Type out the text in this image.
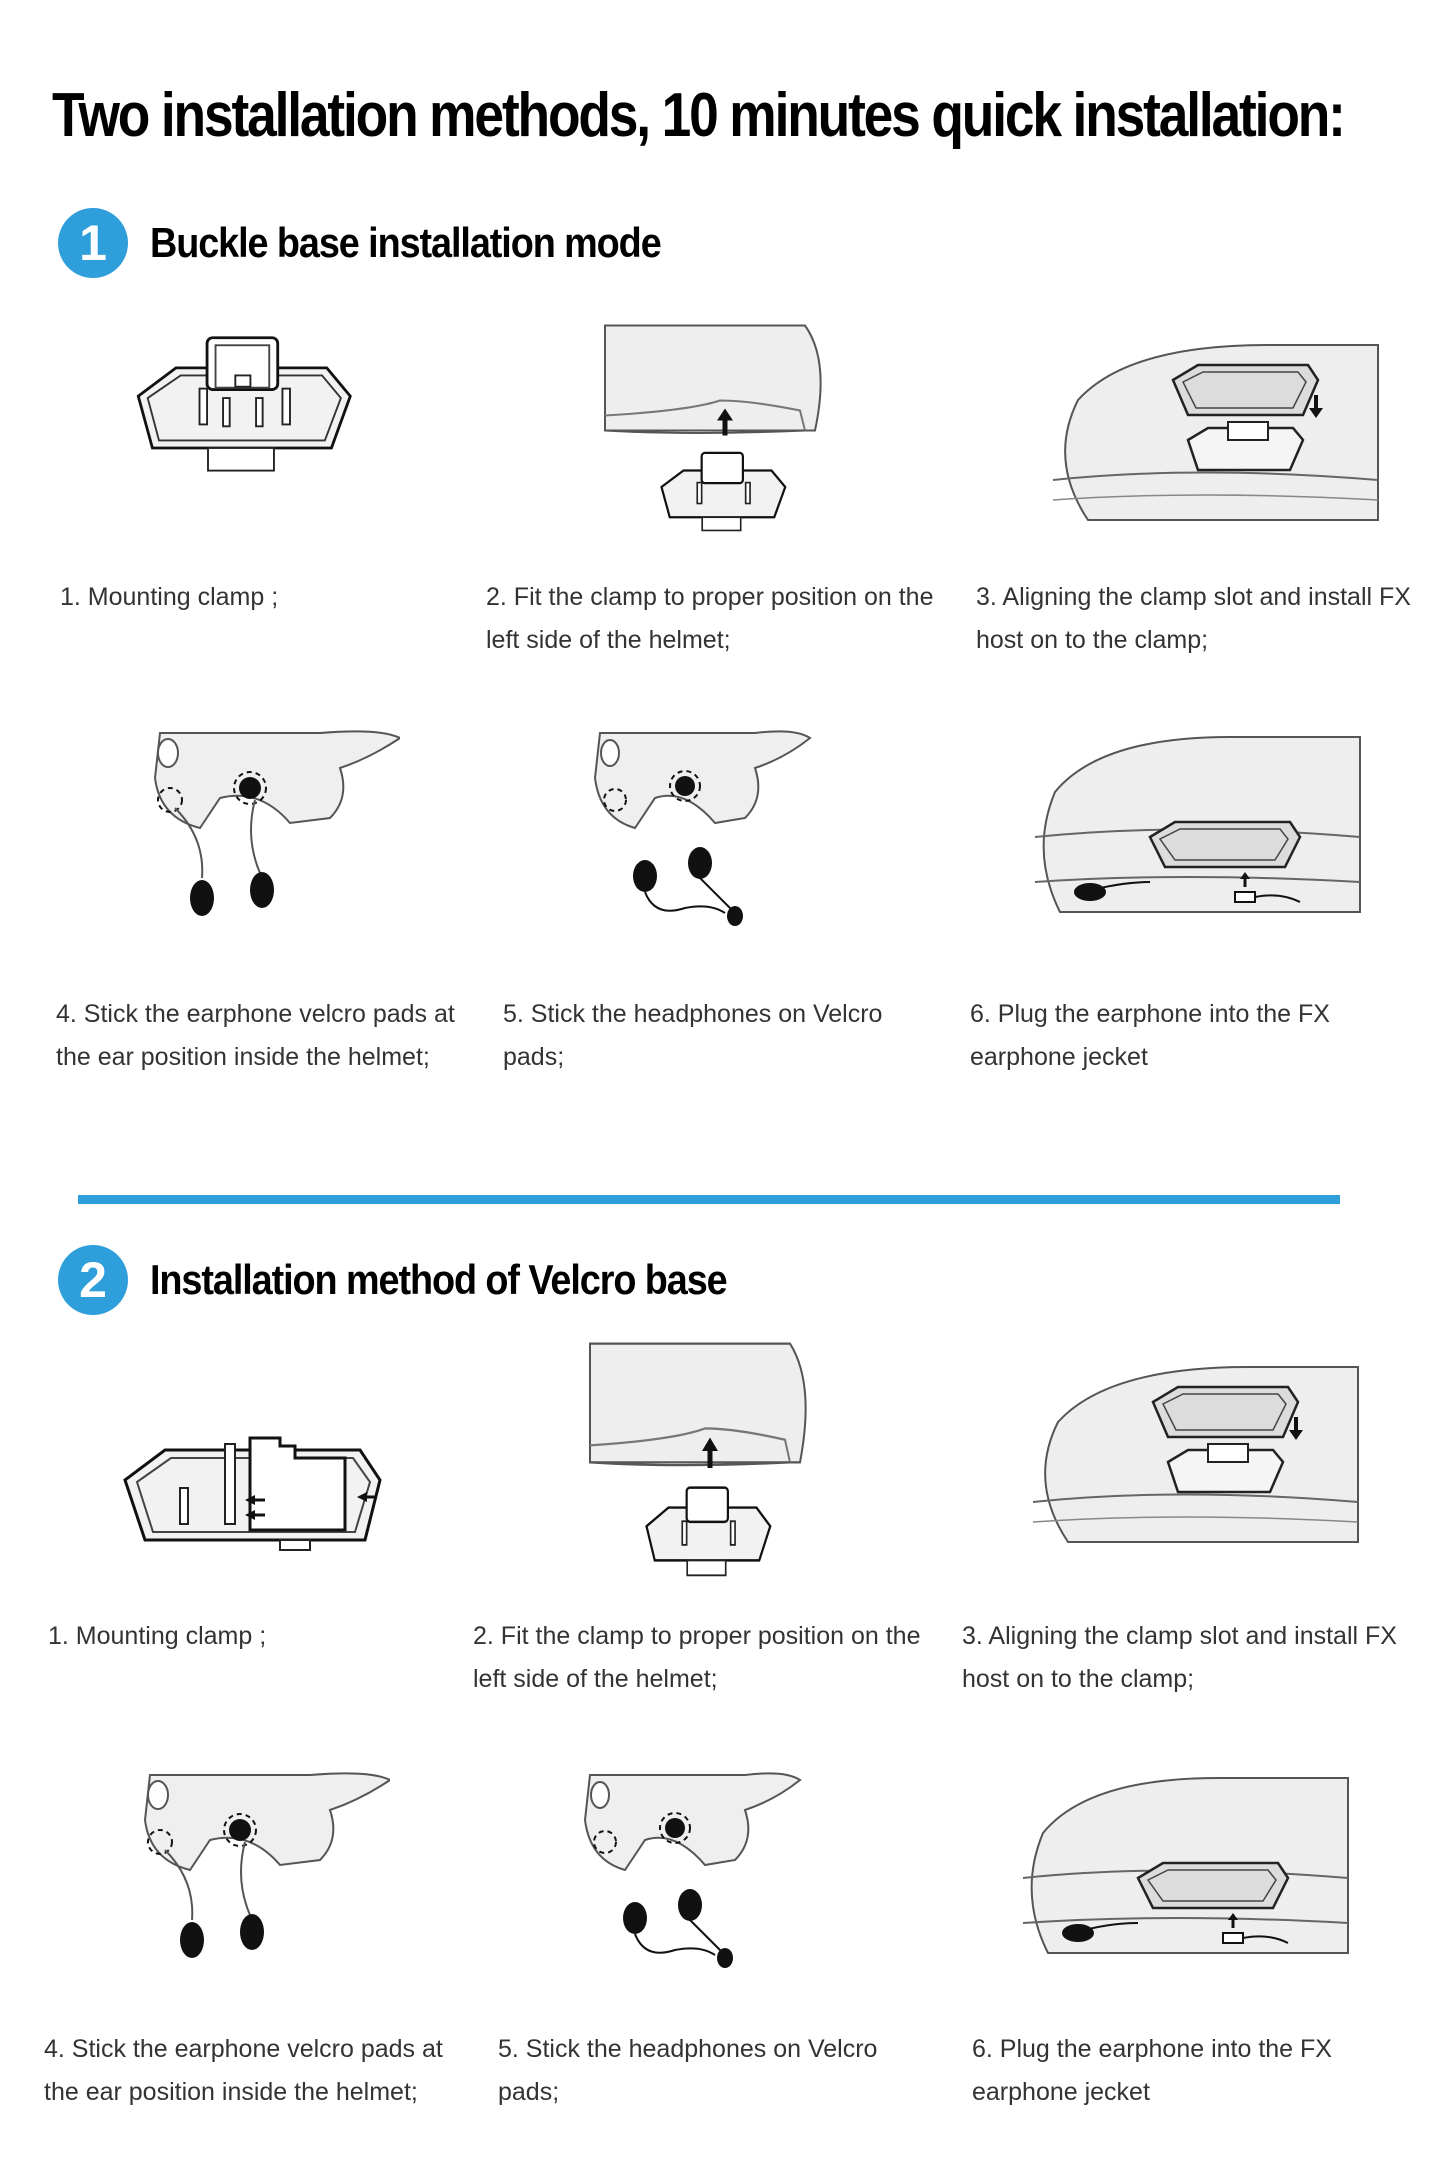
Two installation methods, 10 minutes quick installation:
1	Buckle base installation mode

1. Mounting clamp ;	2. Fit the clamp to proper position on the left side of the helmet;

3. Aligning the clamp slot and install FX host on to the clamp;

4. Stick the earphone velcro pads at the ear position inside the helmet;

5. Stick the headphones on Velcro pads;

6. Plug the earphone into the FX earphone jecket

2	Installation method of Velcro base

1. Mounting clamp ;	2. Fit the clamp to proper position on the left side of the helmet;

3. Aligning the clamp slot and install FX host on to the clamp;

4. Stick the earphone velcro pads at the ear position inside the helmet;

5. Stick the headphones on Velcro pads;

6. Plug the earphone into the FX earphone jecket
